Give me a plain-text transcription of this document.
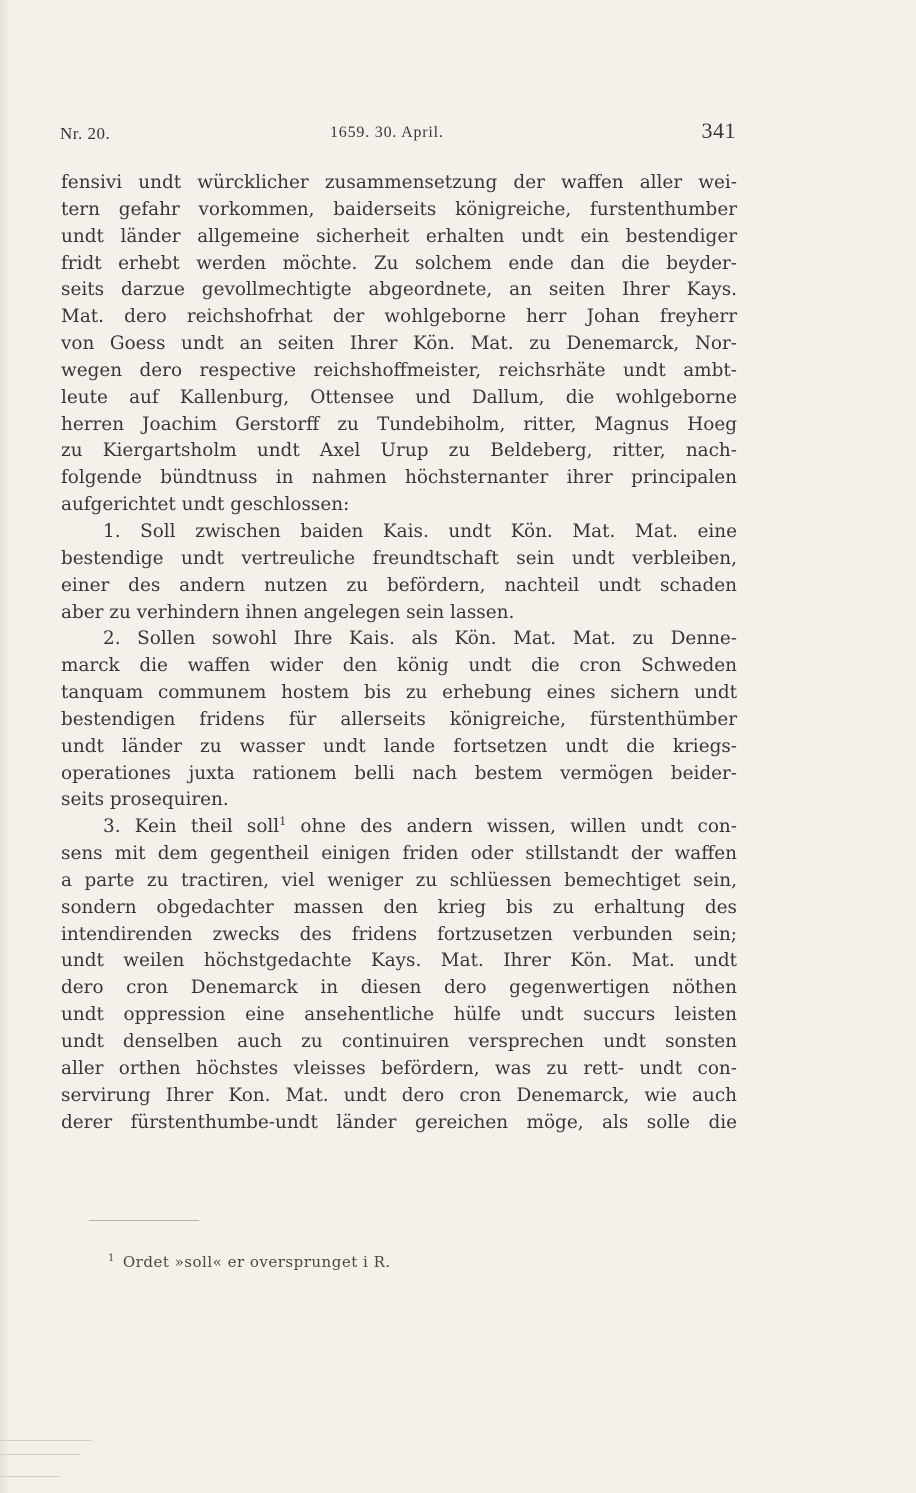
Nr. 20.	1659. 30. April.	341
fensivi undt würcklicher zusammensetzung der waffen aller wei-
tern gefahr vorkommen, baiderseits königreiche, furstenthumber
undt länder allgemeine sicherheit erhalten undt ein bestendiger
fridt erhebt werden möchte. Zu solchem ende dan die beyder-
seits darzue gevollmechtigte abgeordnete, an seiten Ihrer Kays.
Mat. dero reichshofrhat der wohlgeborne herr Johan freyherr
von Goess undt an seiten Ihrer Kön. Mat. zu Denemarck, Nor-
wegen dero respective reichshoffmeister, reichsrhäte undt ambt-
leute auf Kallenburg, Ottensee und Dallum, die wohlgeborne
herren Joachim Gerstorff zu Tundebiholm, ritter, Magnus Hoeg
zu Kiergartsholm undt Axel Urup zu Beldeberg, ritter, nach-
folgende bündtnuss in nahmen höchsternanter ihrer principalen
aufgerichtet undt geschlossen:
1. Soll zwischen baiden Kais. undt Kön. Mat. Mat. eine
bestendige undt vertreuliche freundtschaft sein undt verbleiben,
einer des andern nutzen zu befördern, nachteil undt schaden
aber zu verhindern ihnen angelegen sein lassen.
2. Sollen sowohl Ihre Kais. als Kön. Mat. Mat. zu Denne-
marck die waffen wider den könig undt die cron Schweden
tanquam communem hostem bis zu erhebung eines sichern undt
bestendigen fridens für allerseits königreiche, fürstenthümber
undt länder zu wasser undt lande fortsetzen undt die kriegs-
operationes juxta rationem belli nach bestem vermögen beider-
seits prosequiren.
3. Kein theil soll$^1$ ohne des andern wissen, willen undt con-
sens mit dem gegentheil einigen friden oder stillstandt der waffen
a parte zu tractiren, viel weniger zu schlüessen bemechtiget sein,
sondern obgedachter massen den krieg bis zu erhaltung des
intendirenden zwecks des fridens fortzusetzen verbunden sein;
undt weilen höchstgedachte Kays. Mat. Ihrer Kön. Mat. undt
dero cron Denemarck in diesen dero gegenwertigen nöthen
undt oppression eine ansehentliche hülfe undt succurs leisten
undt denselben auch zu continuiren versprechen undt sonsten
aller orthen höchstes vleisses befördern, was zu rett- undt con-
servirung Ihrer Kon. Mat. undt dero cron Denemarck, wie auch
derer fürstenthumbe-undt länder gereichen möge, als solle die
$^1$ Ordet »soll« er oversprunget i R.
